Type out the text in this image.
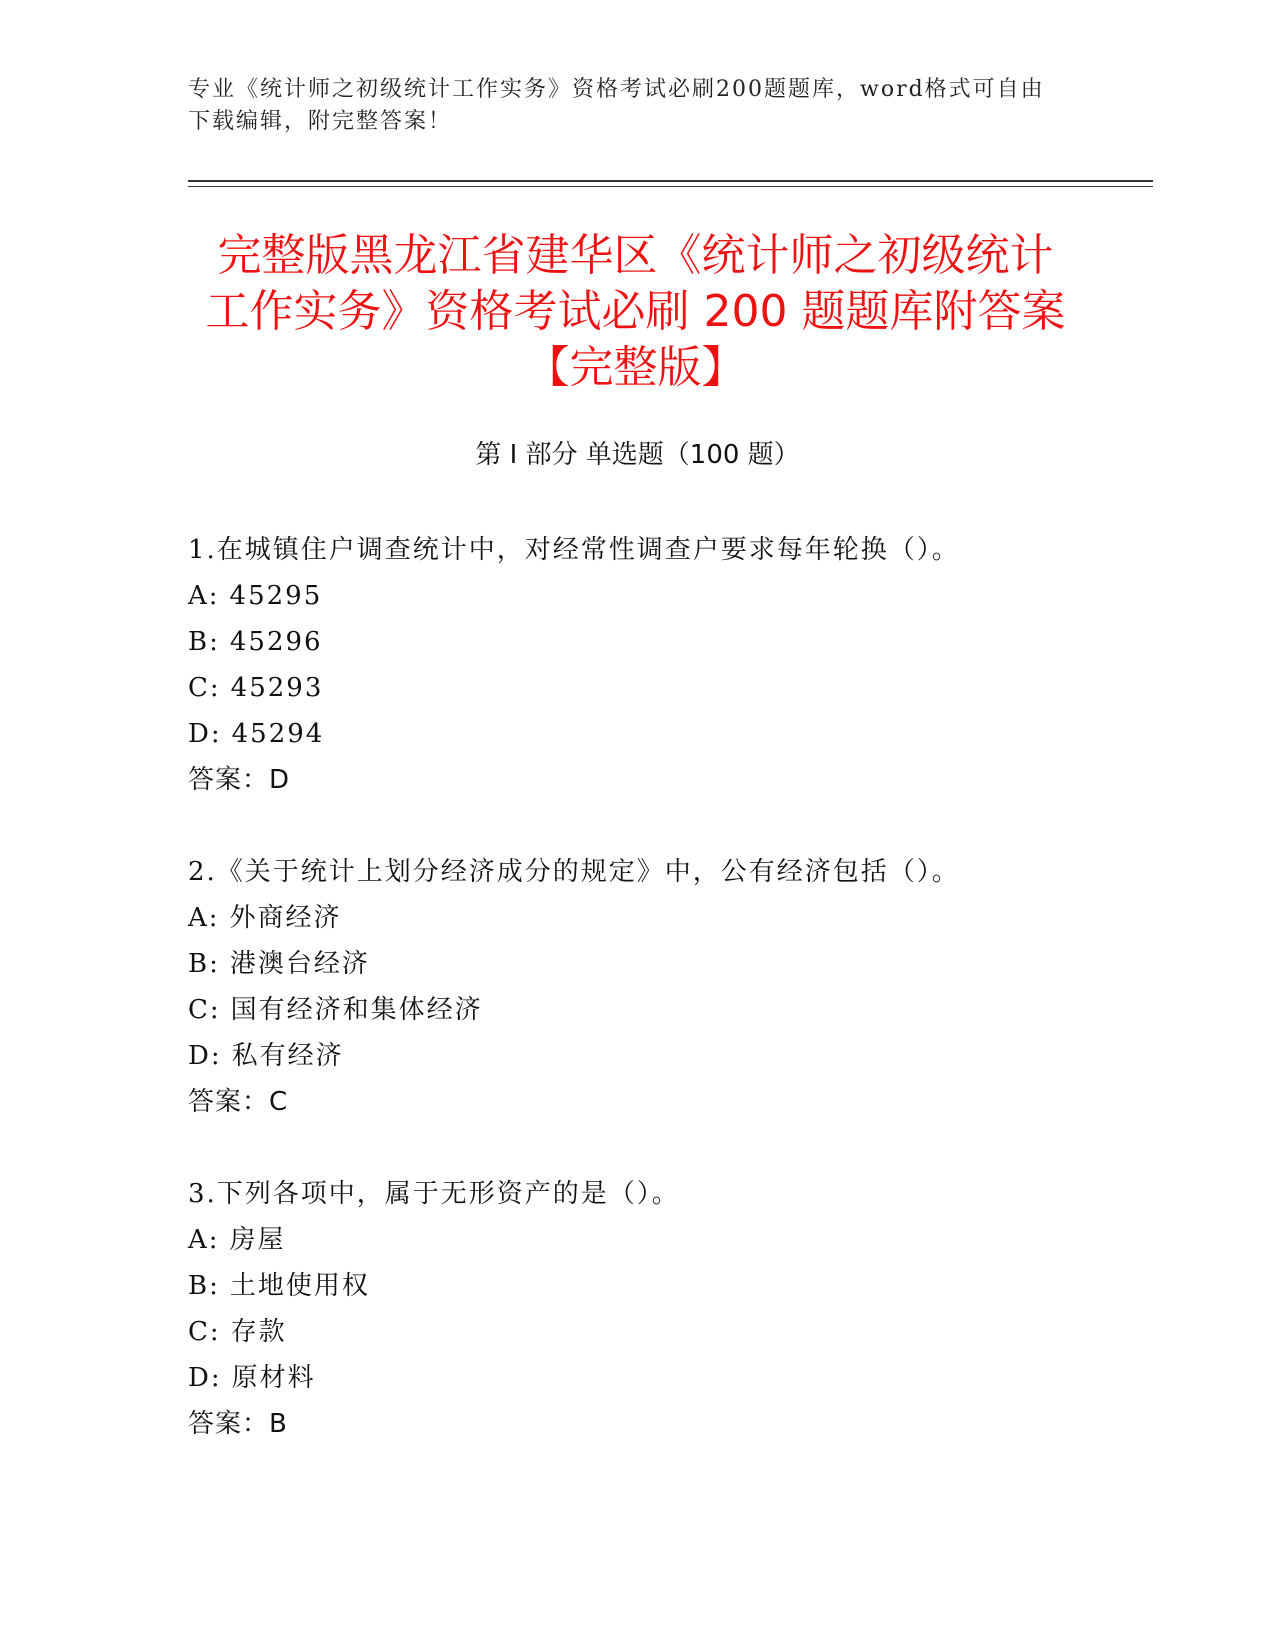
专业《统计师之初级统计工作实务》资格考试必刷200题题库，word格式可自由
下载编辑，附完整答案！
完整版黑龙江省建华区《统计师之初级统计
工作实务》资格考试必刷 200 题题库附答案
【完整版】
第 I 部分 单选题（100 题）
1.在城镇住户调查统计中，对经常性调查户要求每年轮换（）。
A: 45295
B: 45296
C: 45293
D: 45294
答案：D
2.《关于统计上划分经济成分的规定》中，公有经济包括（）。
A: 外商经济
B: 港澳台经济
C: 国有经济和集体经济
D: 私有经济
答案：C
3.下列各项中，属于无形资产的是（）。
A: 房屋
B: 土地使用权
C: 存款
D: 原材料
答案：B
